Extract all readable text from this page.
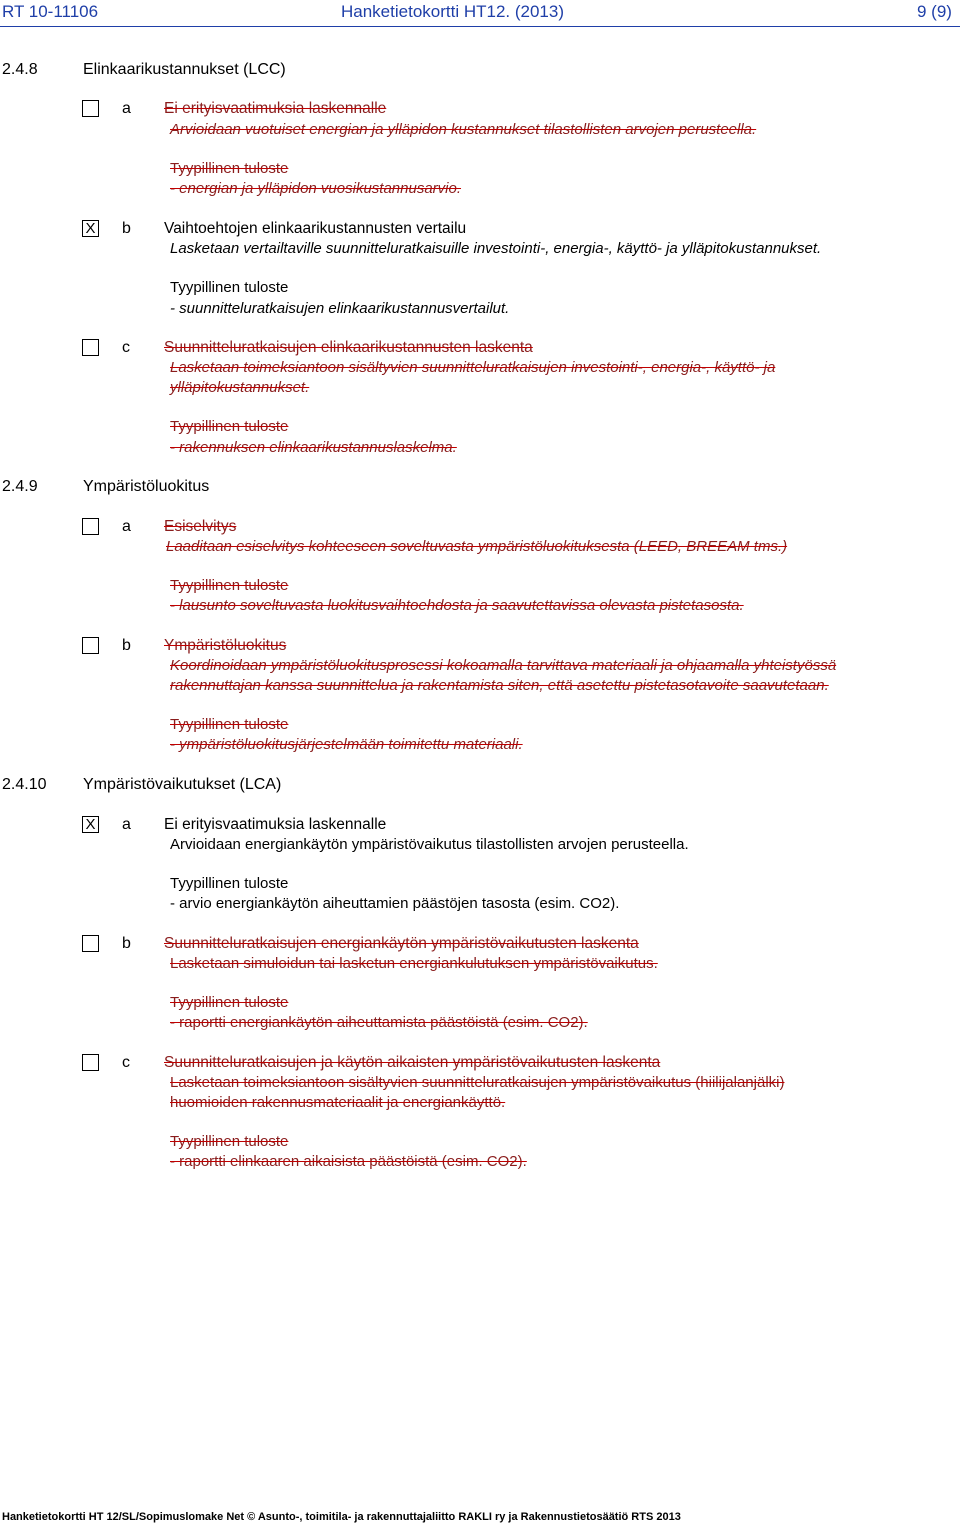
RT 10-11106	Hanketietokortti HT12. (2013)	9 (9)
2.4.8	Elinkaarikustannukset (LCC)
a Ei erityisvaatimuksia laskennalle
Arvioidaan vuotuiset energian ja ylläpidon kustannukset tilastollisten arvojen perusteella.
Tyypillinen tuloste
- energian ja ylläpidon vuosikustannusarvio.
X b Vaihtoehtojen elinkaarikustannusten vertailu
Lasketaan vertailtaville suunnitteluratkaisuille investointi-, energia-, käyttö- ja ylläpitokustannukset.
Tyypillinen tuloste
- suunnitteluratkaisujen elinkaarikustannusvertailut.
c Suunnitteluratkaisujen elinkaarikustannusten laskenta
Lasketaan toimeksiantoon sisältyvien suunnitteluratkaisujen investointi-, energia-, käyttö- ja
ylläpitokustannukset.
Tyypillinen tuloste
- rakennuksen elinkaarikustannuslaskelma.
2.4.9	Ympäristöluokitus
a Esiselvitys
Laaditaan esiselvitys kohteeseen soveltuvasta ympäristöluokituksesta (LEED, BREEAM tms.)
Tyypillinen tuloste
- lausunto soveltuvasta luokitusvaihtoehdosta ja saavutettavissa olevasta pistetasosta.
b Ympäristöluokitus
Koordinoidaan ympäristöluokitusprosessi kokoamalla tarvittava materiaali ja ohjaamalla yhteistyössä
rakennuttajan kanssa suunnittelua ja rakentamista siten, että asetettu pistetasotavoite saavutetaan.
Tyypillinen tuloste
- ympäristöluokitusjärjestelmään toimitettu materiaali.
2.4.10 Ympäristövaikutukset (LCA)
X a Ei erityisvaatimuksia laskennalle
Arvioidaan energiankäytön ympäristövaikutus tilastollisten arvojen perusteella.
Tyypillinen tuloste
- arvio energiankäytön aiheuttamien päästöjen tasosta (esim. CO2).
b Suunnitteluratkaisujen energiankäytön ympäristövaikutusten laskenta
Lasketaan simuloidun tai lasketun energiankulutuksen ympäristövaikutus.
Tyypillinen tuloste
- raportti energiankäytön aiheuttamista päästöistä (esim. CO2).
c Suunnitteluratkaisujen ja käytön aikaisten ympäristövaikutusten laskenta
Lasketaan toimeksiantoon sisältyvien suunnitteluratkaisujen ympäristövaikutus (hiilijalanjälki)
huomioiden rakennusmateriaalit ja energiankäyttö.
Tyypillinen tuloste
- raportti elinkaaren aikaisista päästöistä (esim. CO2).
Hanketietokortti HT 12/SL/Sopimuslomake Net © Asunto-, toimitila- ja rakennuttajaliitto RAKLI ry ja Rakennustietosäätiö RTS 2013
